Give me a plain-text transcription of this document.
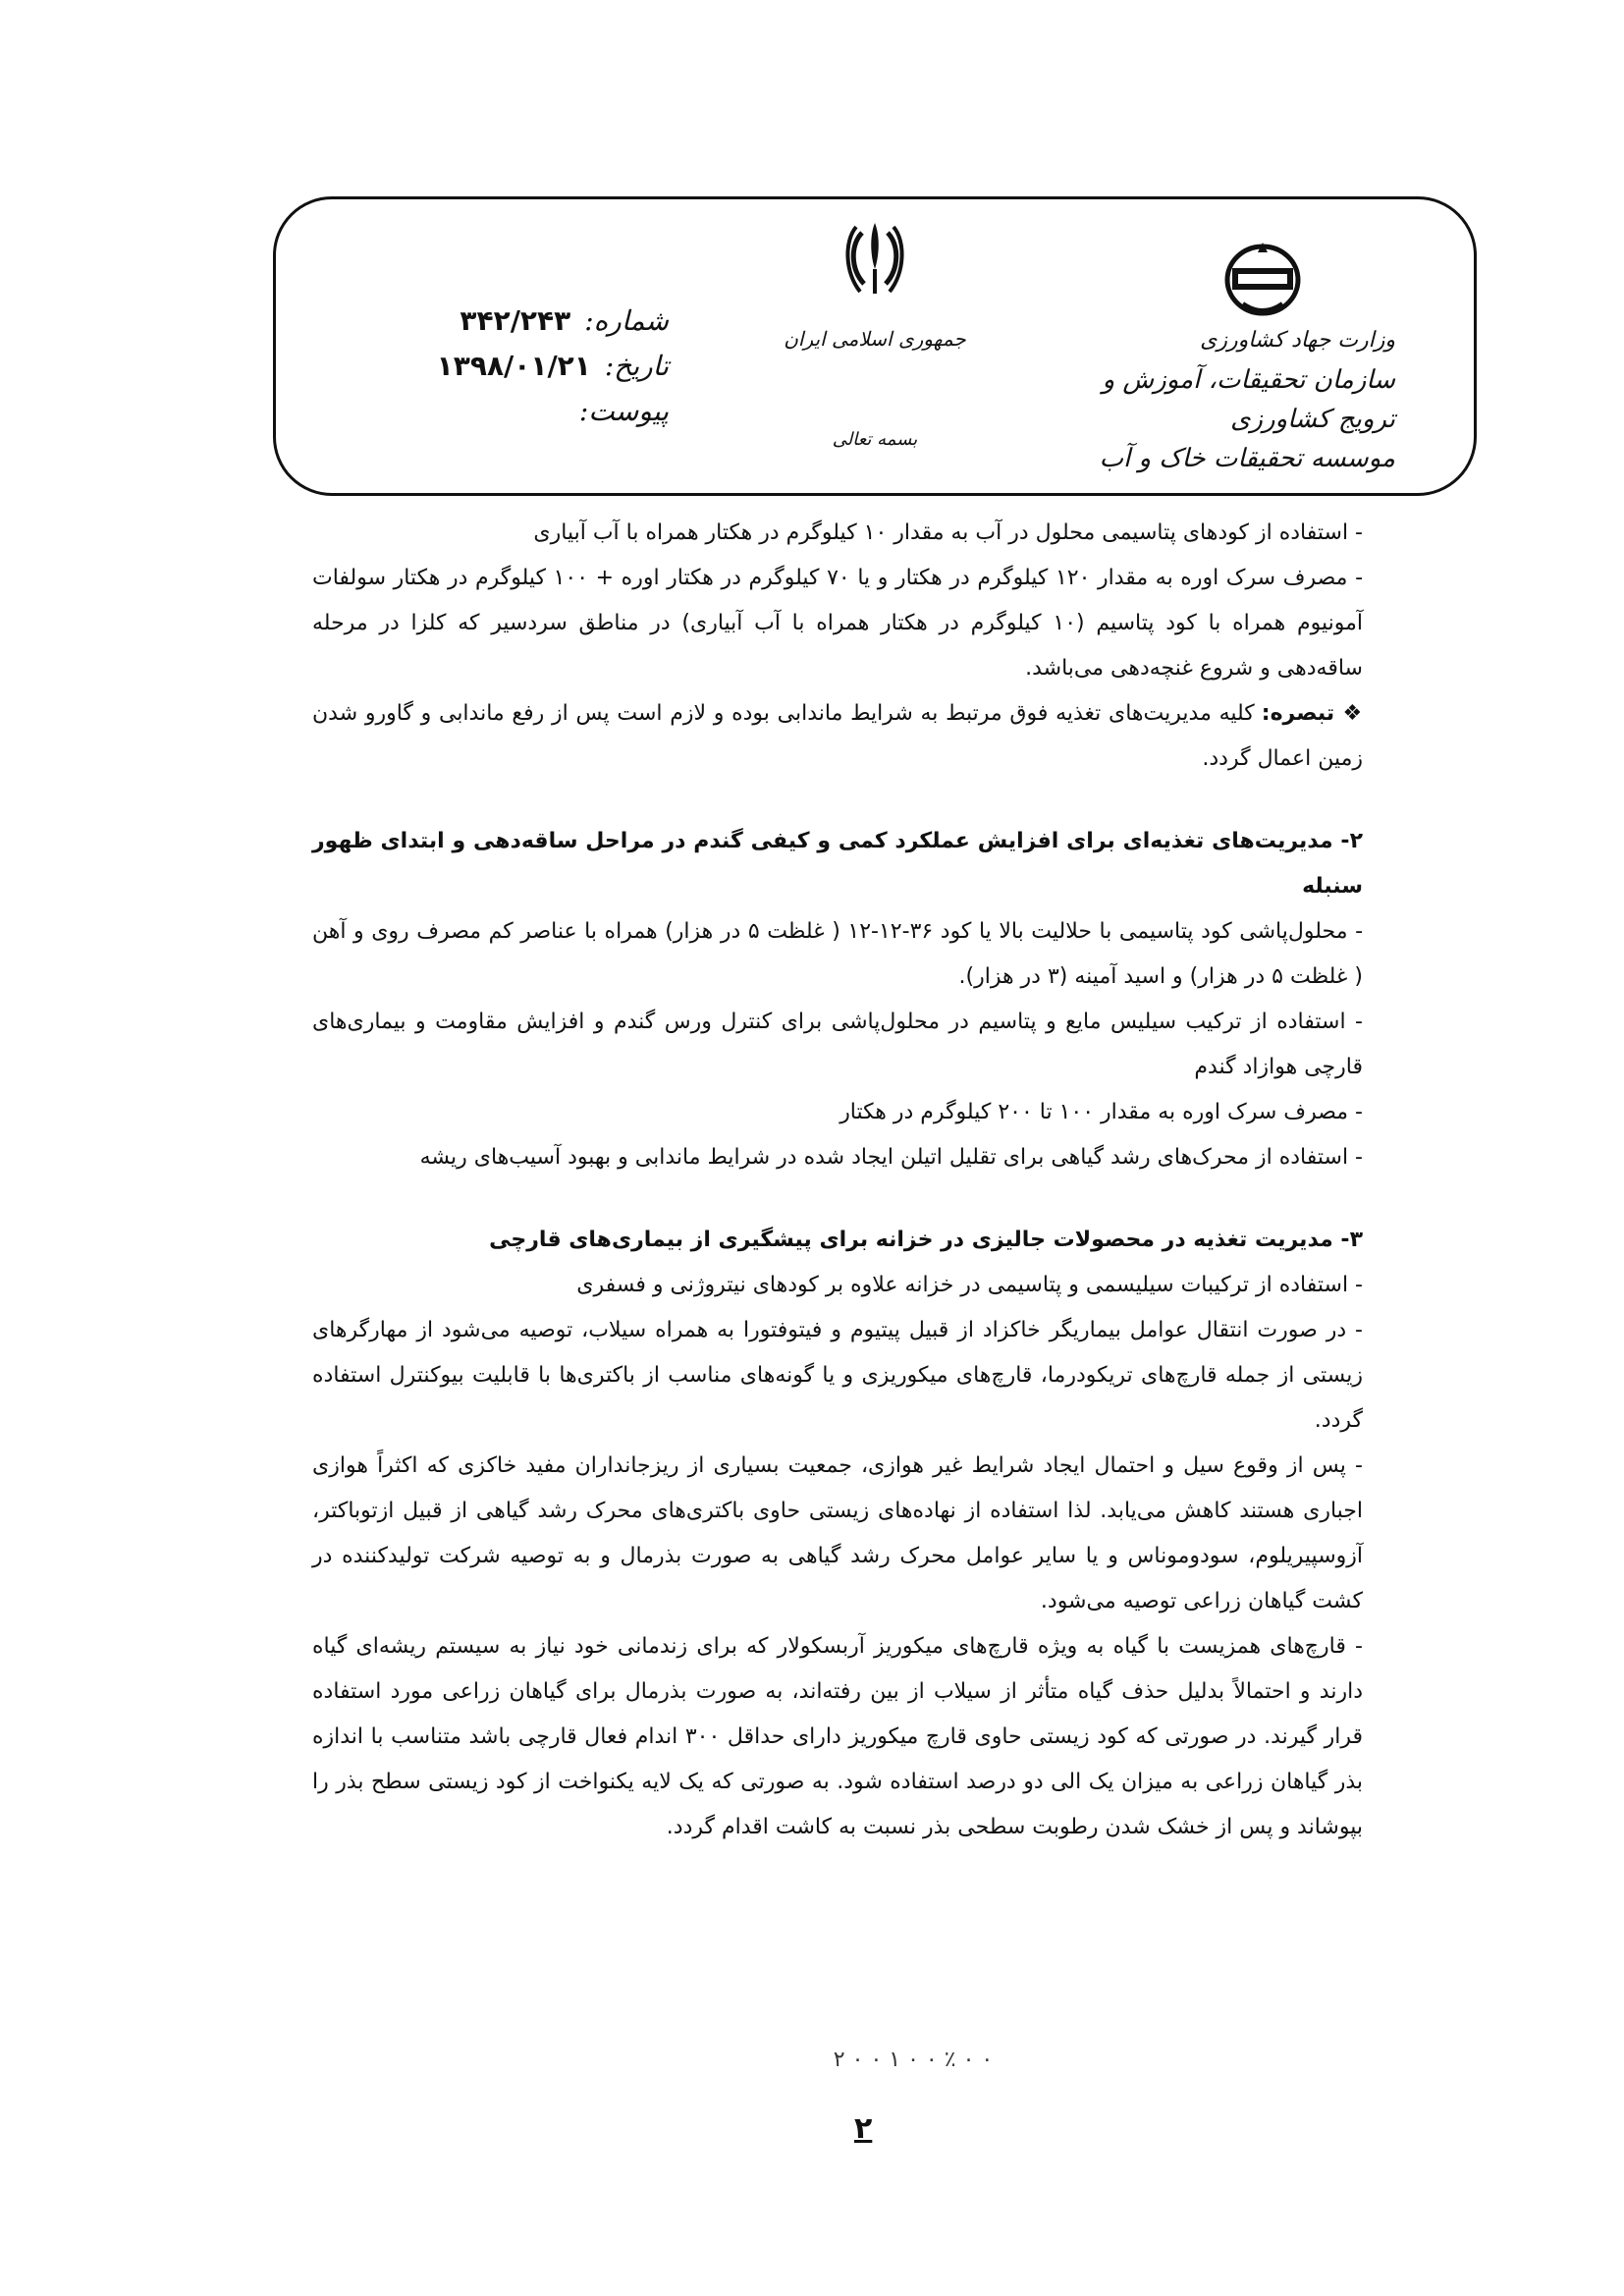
شماره:
۳۴۲/۲۴۳
تاریخ:
۱۳۹۸/۰۱/۲۱
پیوست:
جمهوری اسلامی ایران
بسمه تعالی
وزارت جهاد کشاورزی
سازمان تحقیقات، آموزش و ترویج کشاورزی
موسسه تحقیقات خاک و آب

- استفاده از کودهای پتاسیمی محلول در آب به مقدار ۱۰ کیلوگرم در هکتار همراه با آب آبیاری

- مصرف سرک اوره به مقدار ۱۲۰ کیلوگرم در هکتار و یا ۷۰ کیلوگرم در هکتار اوره + ۱۰۰ کیلوگرم در هکتار سولفات آمونیوم همراه با کود پتاسیم (۱۰ کیلوگرم در هکتار همراه با آب آبیاری) در مناطق سردسیر که کلزا در مرحله ساقه‌دهی و شروع غنچه‌دهی می‌باشد.

❖ تبصره: کلیه مدیریت‌های تغذیه فوق مرتبط به شرایط ماندابی بوده و لازم است پس از رفع ماندابی و گاورو شدن زمین اعمال گردد.

۲- مدیریت‌های تغذیه‌ای برای افزایش عملکرد کمی و کیفی گندم در مراحل ساقه‌دهی و ابتدای ظهور سنبله

- محلول‌پاشی کود پتاسیمی با حلالیت بالا یا کود ۳۶-۱۲-۱۲ ( غلظت ۵ در هزار) همراه با عناصر کم مصرف روی و آهن ( غلظت ۵ در هزار) و اسید آمینه (۳ در هزار).

- استفاده از ترکیب سیلیس مایع و پتاسیم در محلول‌پاشی برای کنترل ورس گندم و افزایش مقاومت و بیماری‌های قارچی هوازاد گندم

- مصرف سرک اوره به مقدار ۱۰۰ تا ۲۰۰ کیلوگرم در هکتار

- استفاده از محرک‌های رشد گیاهی برای تقلیل اتیلن ایجاد شده در شرایط ماندابی و بهبود آسیب‌های ریشه

۳- مدیریت تغذیه در محصولات جالیزی در خزانه برای پیشگیری از بیماری‌های قارچی

- استفاده از ترکیبات سیلیسمی و پتاسیمی در خزانه علاوه بر کودهای نیتروژنی و فسفری

- در صورت انتقال عوامل بیماریگر خاکزاد از قبیل پیتیوم و فیتوفتورا به همراه سیلاب، توصیه می‌شود از مهارگرهای زیستی از جمله قارچ‌های تریکودرما، قارچ‌های میکوریزی و یا گونه‌های مناسب از باکتری‌ها با قابلیت بیوکنترل استفاده گردد.

- پس از وقوع سیل و احتمال ایجاد شرایط غیر هوازی، جمعیت بسیاری از ریزجانداران مفید خاکزی که اکثراً هوازی اجباری هستند کاهش می‌یابد. لذا استفاده از نهاده‌های زیستی حاوی باکتری‌های محرک رشد گیاهی از قبیل ازتوباکتر، آزوسپیریلوم، سودوموناس و یا سایر عوامل محرک رشد گیاهی به صورت بذرمال و به توصیه شرکت تولیدکننده در کشت گیاهان زراعی توصیه می‌شود.

- قارچ‌های همزیست با گیاه به ویژه قارچ‌های میکوریز آربسکولار که برای زندمانی خود نیاز به سیستم ریشه‌ای گیاه دارند و احتمالاً بدلیل حذف گیاه متأثر از سیلاب از بین رفته‌اند، به صورت بذرمال برای گیاهان زراعی مورد استفاده قرار گیرند. در صورتی که کود زیستی حاوی قارچ میکوریز دارای حداقل ۳۰۰ اندام فعال قارچی باشد متناسب با اندازه بذر گیاهان زراعی به میزان یک الی دو درصد استفاده شود. به صورتی که یک لایه یکنواخت از کود زیستی سطح بذر را بپوشاند و پس از خشک شدن رطوبت سطحی بذر نسبت به کاشت اقدام گردد.

٠ ٠ ٪ ٠ ٠ ١ ٠ ٠ ٢
۲
